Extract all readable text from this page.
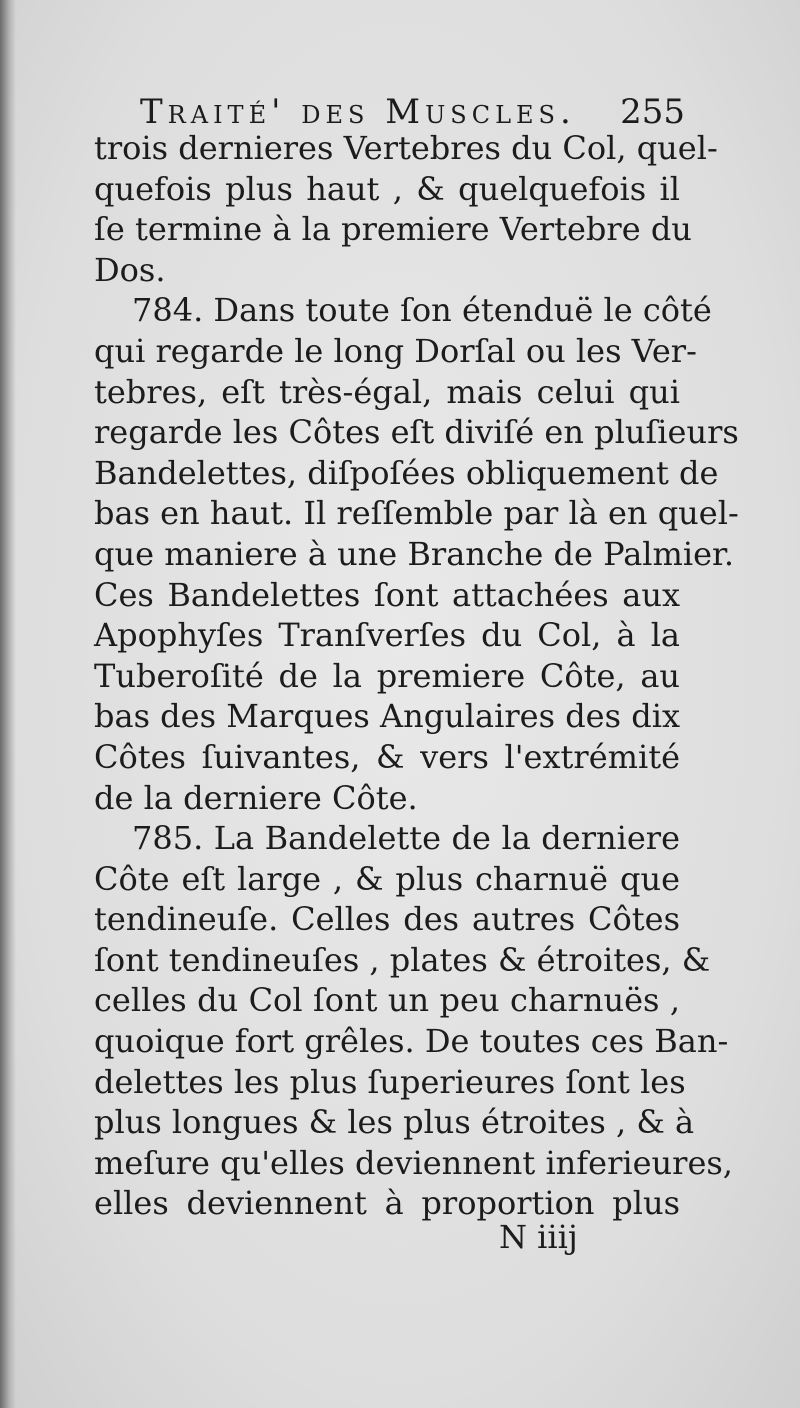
Traité' des Muscles. 255
trois dernieres Vertebres du Col, quel-
quefois plus haut , & quelquefois il
ſe termine à la premiere Vertebre du
Dos.
784. Dans toute ſon étenduë le côté
qui regarde le long Dorſal ou les Ver-
tebres, eſt très-égal, mais celui qui
regarde les Côtes eſt diviſé en pluſieurs
Bandelettes, diſpoſées obliquement de
bas en haut. Il reſſemble par là en quel-
que maniere à une Branche de Palmier.
Ces Bandelettes ſont attachées aux
Apophyſes Tranſverſes du Col, à la
Tuberoſité de la premiere Côte, au
bas des Marques Angulaires des dix
Côtes ſuivantes, & vers l'extrémité
de la derniere Côte.
785. La Bandelette de la derniere
Côte eſt large , & plus charnuë que
tendineuſe. Celles des autres Côtes
ſont tendineuſes , plates & étroites, &
celles du Col ſont un peu charnuës ,
quoique fort grêles. De toutes ces Ban-
delettes les plus ſuperieures ſont les
plus longues & les plus étroites , & à
meſure qu'elles deviennent inferieures,
elles deviennent à proportion plus
N iiij
